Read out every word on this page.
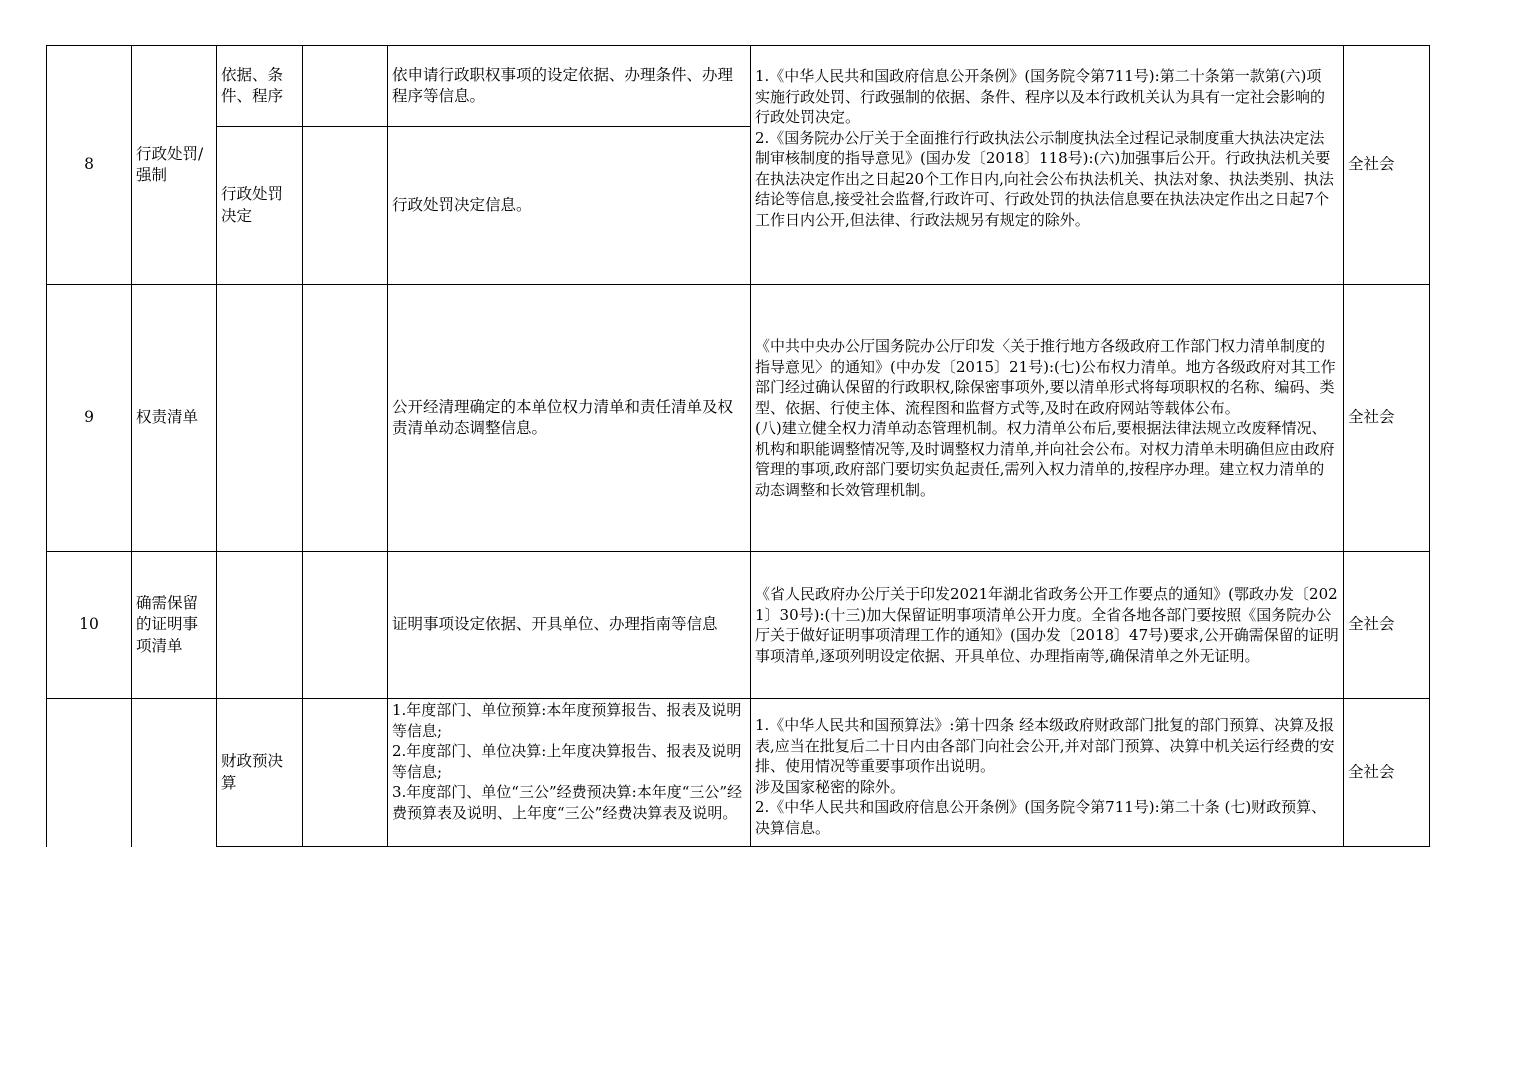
8
行政处罚/强制
依据、条件、程序
依申请行政职权事项的设定依据、办理条件、办理程序等信息。
行政处罚决定
行政处罚决定信息。
1.《中华人民共和国政府信息公开条例》(国务院令第711号):第二十条第一款第(六)项　实施行政处罚、行政强制的依据、条件、程序以及本行政机关认为具有一定社会影响的行政处罚决定。
2.《国务院办公厅关于全面推行行政执法公示制度执法全过程记录制度重大执法决定法制审核制度的指导意见》(国办发〔2018〕118号):(六)加强事后公开。行政执法机关要在执法决定作出之日起20个工作日内,向社会公布执法机关、执法对象、执法类别、执法结论等信息,接受社会监督,行政许可、行政处罚的执法信息要在执法决定作出之日起7个工作日内公开,但法律、行政法规另有规定的除外。
全社会
9	权责清单
公开经清理确定的本单位权力清单和责任清单及权责清单动态调整信息。
《中共中央办公厅国务院办公厅印发〈关于推行地方各级政府工作部门权力清单制度的指导意见〉的通知》(中办发〔2015〕21号):(七)公布权力清单。地方各级政府对其工作部门经过确认保留的行政职权,除保密事项外,要以清单形式将每项职权的名称、编码、类型、依据、行使主体、流程图和监督方式等,及时在政府网站等载体公布。
(八)建立健全权力清单动态管理机制。权力清单公布后,要根据法律法规立改废释情况、机构和职能调整情况等,及时调整权力清单,并向社会公布。对权力清单未明确但应由政府管理的事项,政府部门要切实负起责任,需列入权力清单的,按程序办理。建立权力清单的动态调整和长效管理机制。
全社会
10
确需保留的证明事项清单
证明事项设定依据、开具单位、办理指南等信息
《省人民政府办公厅关于印发2021年湖北省政务公开工作要点的通知》(鄂政办发〔2021〕30号):(十三)加大保留证明事项清单公开力度。全省各地各部门要按照《国务院办公厅关于做好证明事项清理工作的通知》(国办发〔2018〕47号)要求,公开确需保留的证明事项清单,逐项列明设定依据、开具单位、办理指南等,确保清单之外无证明。
全社会
财政预决算
1.年度部门、单位预算:本年度预算报告、报表及说明等信息;
2.年度部门、单位决算:上年度决算报告、报表及说明等信息;
3.年度部门、单位“三公”经费预决算:本年度“三公”经费预算表及说明、上年度“三公”经费决算表及说明。
1.《中华人民共和国预算法》:第十四条 经本级政府财政部门批复的部门预算、决算及报表,应当在批复后二十日内由各部门向社会公开,并对部门预算、决算中机关运行经费的安排、使用情况等重要事项作出说明。
涉及国家秘密的除外。
2.《中华人民共和国政府信息公开条例》(国务院令第711号):第二十条 (七)财政预算、决算信息。
全社会
